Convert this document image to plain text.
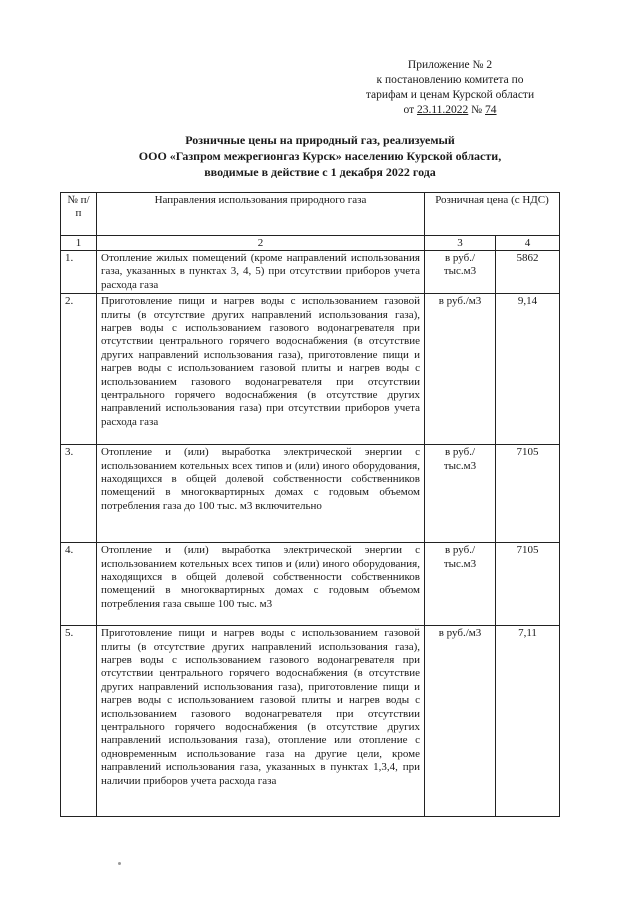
Приложение № 2
к постановлению комитета по
тарифам и ценам Курской области
от 23.11.2022 № 74
Розничные цены на природный газ, реализуемый
ООО «Газпром межрегионгаз Курск» населению Курской области,
вводимые в действие с 1 декабря 2022 года
№ п/п	Направления использования природного газа	Розничная цена (с НДС)	
1	2	3	4
1.	Отопление жилых помещений (кроме направлений использования газа, указанных в пунктах 3, 4, 5) при отсутствии приборов учета расхода газа	в руб./тыс.м3	5862
2.	Приготовление пищи и нагрев воды с использованием газовой плиты (в отсутствие других направлений использования газа), нагрев воды с использованием газового водонагревателя при отсутствии центрального горячего водоснабжения (в отсутствие других направлений использования газа), приготовление пищи и нагрев воды с использованием газовой плиты и нагрев воды с использованием газового водонагревателя при отсутствии центрального горячего водоснабжения (в отсутствие других направлений использования газа) при отсутствии приборов учета расхода газа	в руб./м3	9,14
3.	Отопление и (или) выработка электрической энергии с использованием котельных всех типов и (или) иного оборудования, находящихся в общей долевой собственности собственников помещений в многоквартирных домах с годовым объемом потребления газа до 100 тыс. м3 включительно	в руб./тыс.м3	7105
4.	Отопление и (или) выработка электрической энергии с использованием котельных всех типов и (или) иного оборудования, находящихся в общей долевой собственности собственников помещений в многоквартирных домах с годовым объемом потребления газа свыше 100 тыс. м3	в руб./тыс.м3	7105
5.	Приготовление пищи и нагрев воды с использованием газовой плиты (в отсутствие других направлений использования газа), нагрев воды с использованием газового водонагревателя при отсутствии центрального горячего водоснабжения (в отсутствие других направлений использования газа), приготовление пищи и нагрев воды с использованием газовой плиты и нагрев воды с использованием газового водонагревателя при отсутствии центрального горячего водоснабжения (в отсутствие других направлений использования газа), отопление или отопление с одновременным использование газа на другие цели, кроме направлений использования газа, указанных в пунктах 1,3,4, при наличии приборов учета расхода газа	в руб./м3	7,11
